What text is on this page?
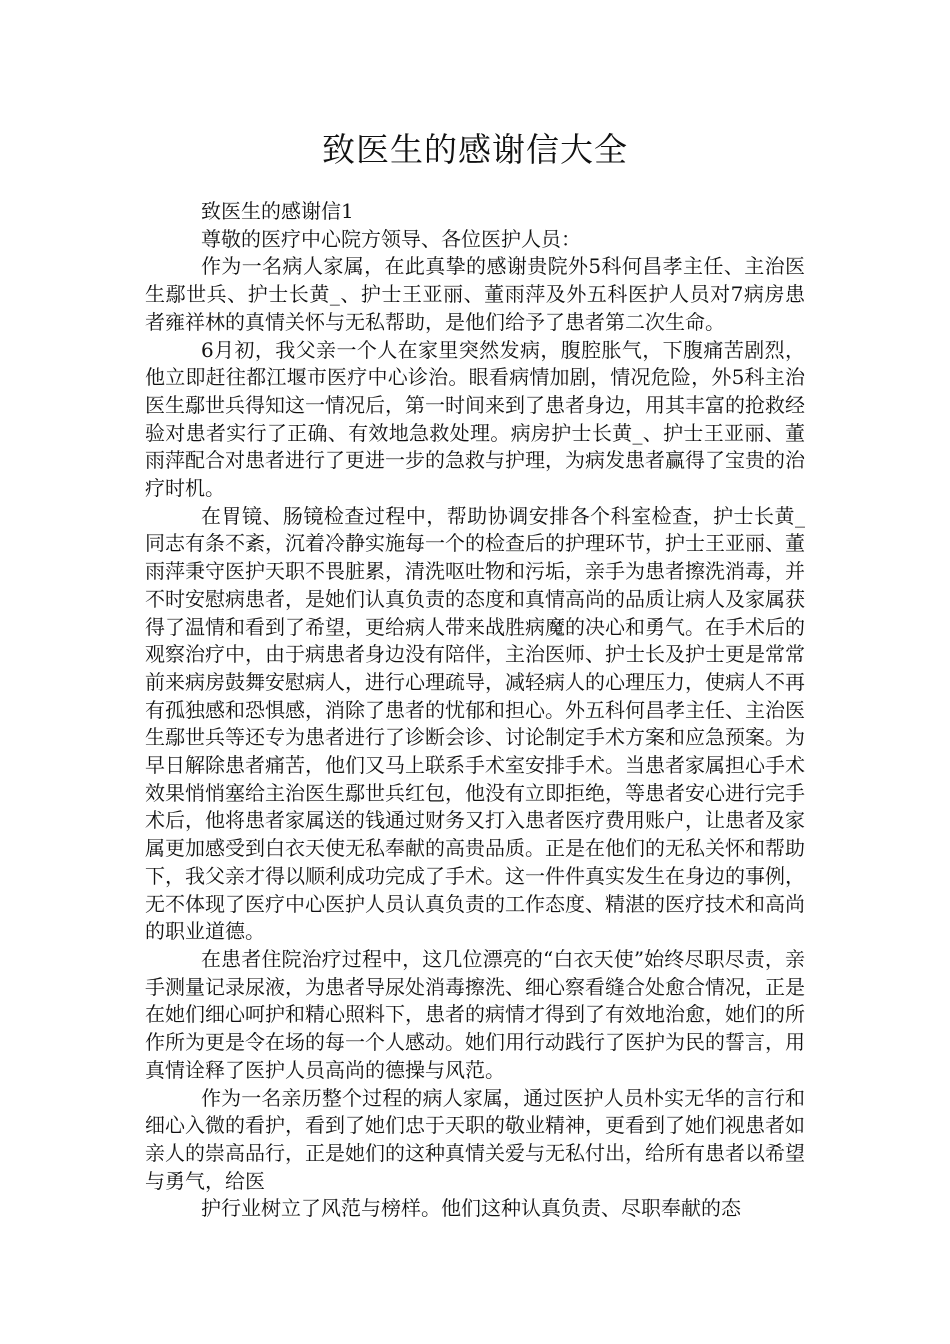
致医生的感谢信大全

致医生的感谢信1

尊敬的医疗中心院方领导、各位医护人员：

作为一名病人家属，在此真挚的感谢贵院外5科何昌孝主任、主治医生鄢世兵、护士长黄_、护士王亚丽、董雨萍及外五科医护人员对7病房患者雍祥林的真情关怀与无私帮助，是他们给予了患者第二次生命。

6月初，我父亲一个人在家里突然发病，腹腔胀气，下腹痛苦剧烈，他立即赶往都江堰市医疗中心诊治。眼看病情加剧，情况危险，外5科主治医生鄢世兵得知这一情况后，第一时间来到了患者身边，用其丰富的抢救经验对患者实行了正确、有效地急救处理。病房护士长黄_、护士王亚丽、董雨萍配合对患者进行了更进一步的急救与护理，为病发患者赢得了宝贵的治疗时机。

在胃镜、肠镜检查过程中，帮助协调安排各个科室检查，护士长黄_同志有条不紊，沉着冷静实施每一个的检查后的护理环节，护士王亚丽、董雨萍秉守医护天职不畏脏累，清洗呕吐物和污垢，亲手为患者擦洗消毒，并不时安慰病患者，是她们认真负责的态度和真情高尚的品质让病人及家属获得了温情和看到了希望，更给病人带来战胜病魔的决心和勇气。在手术后的观察治疗中，由于病患者身边没有陪伴，主治医师、护士长及护士更是常常前来病房鼓舞安慰病人，进行心理疏导，减轻病人的心理压力，使病人不再有孤独感和恐惧感，消除了患者的忧郁和担心。外五科何昌孝主任、主治医生鄢世兵等还专为患者进行了诊断会诊、讨论制定手术方案和应急预案。为早日解除患者痛苦，他们又马上联系手术室安排手术。当患者家属担心手术效果悄悄塞给主治医生鄢世兵红包，他没有立即拒绝，等患者安心进行完手术后，他将患者家属送的钱通过财务又打入患者医疗费用账户，让患者及家属更加感受到白衣天使无私奉献的高贵品质。正是在他们的无私关怀和帮助下，我父亲才得以顺利成功完成了手术。这一件件真实发生在身边的事例，无不体现了医疗中心医护人员认真负责的工作态度、精湛的医疗技术和高尚的职业道德。

在患者住院治疗过程中，这几位漂亮的“白衣天使”始终尽职尽责，亲手测量记录尿液，为患者导尿处消毒擦洗、细心察看缝合处愈合情况，正是在她们细心呵护和精心照料下，患者的病情才得到了有效地治愈，她们的所作所为更是令在场的每一个人感动。她们用行动践行了医护为民的誓言，用真情诠释了医护人员高尚的德操与风范。

作为一名亲历整个过程的病人家属，通过医护人员朴实无华的言行和细心入微的看护，看到了她们忠于天职的敬业精神，更看到了她们视患者如亲人的崇高品行，正是她们的这种真情关爱与无私付出，给所有患者以希望与勇气，给医

护行业树立了风范与榜样。他们这种认真负责、尽职奉献的态
